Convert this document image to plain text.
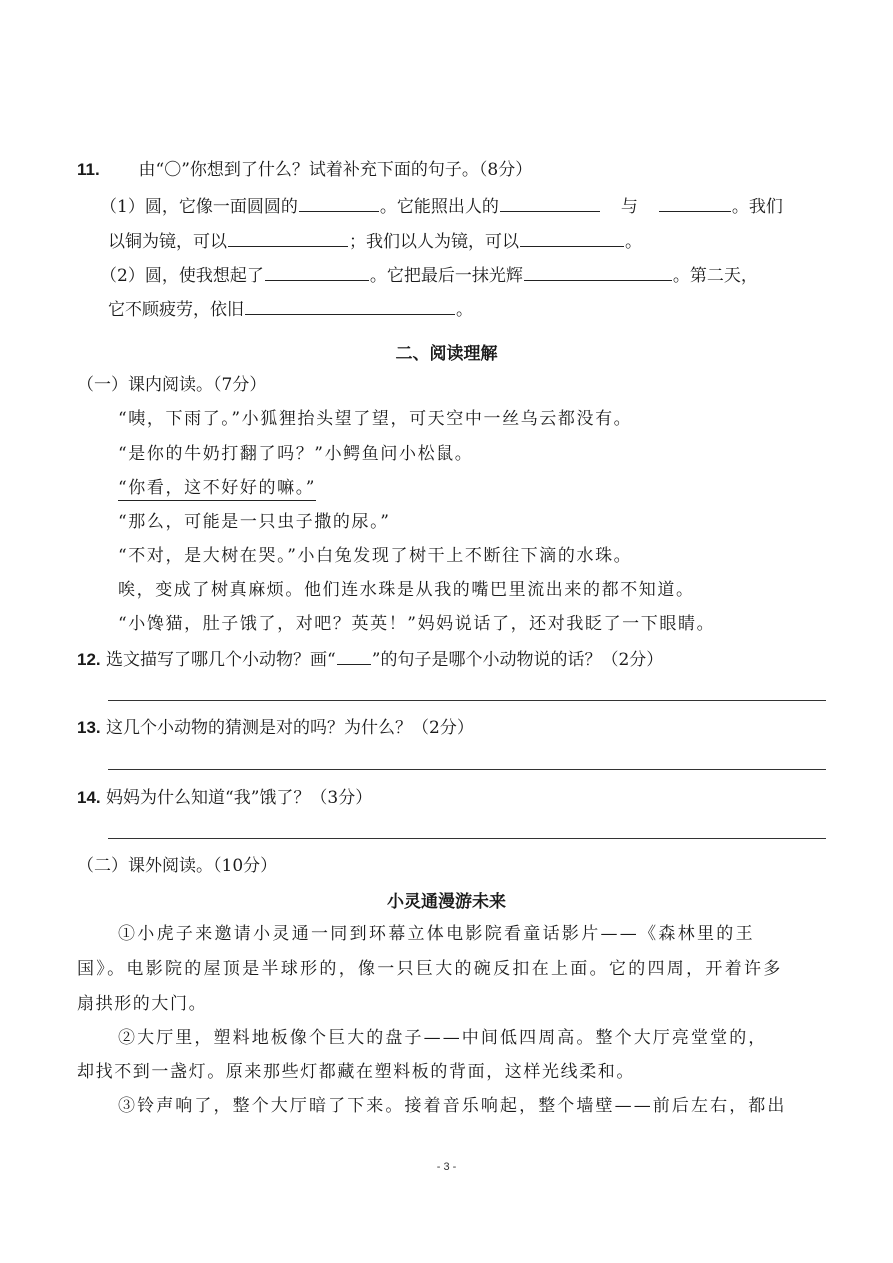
11. 由“〇”你想到了什么？试着补充下面的句子。（8分）
（1）圆，它像一面圆圆的	。它能照出人的	与	。我们
以铜为镜，可以	；我们以人为镜，可以	。
（2）圆，使我想起了	。它把最后一抹光辉	。第二天，
它不顾疲劳，依旧	。
二、阅读理解
（一）课内阅读。（7分）
“咦，下雨了。”小狐狸抬头望了望，可天空中一丝乌云都没有。
“是你的牛奶打翻了吗？”小鳄鱼问小松鼠。
“你看，这不好好的嘛。”
“那么，可能是一只虫子撒的尿。”
“不对，是大树在哭。”小白兔发现了树干上不断往下滴的水珠。
唉，变成了树真麻烦。他们连水珠是从我的嘴巴里流出来的都不知道。
“小馋猫，肚子饿了，对吧？英英！”妈妈说话了，还对我眨了一下眼睛。
12. 选文描写了哪几个小动物？画“ ”的句子是哪个小动物说的话？（2分）
13. 这几个小动物的猜测是对的吗？为什么？（2分）
14. 妈妈为什么知道“我”饿了？（3分）
（二）课外阅读。（10分）
小灵通漫游未来
①小虎子来邀请小灵通一同到环幕立体电影院看童话影片——《森林里的王
国》。电影院的屋顶是半球形的，像一只巨大的碗反扣在上面。它的四周，开着许多
扇拱形的大门。
②大厅里，塑料地板像个巨大的盘子——中间低四周高。整个大厅亮堂堂的，
却找不到一盏灯。原来那些灯都藏在塑料板的背面，这样光线柔和。
③铃声响了，整个大厅暗了下来。接着音乐响起，整个墙壁——前后左右，都出
- 3 -
